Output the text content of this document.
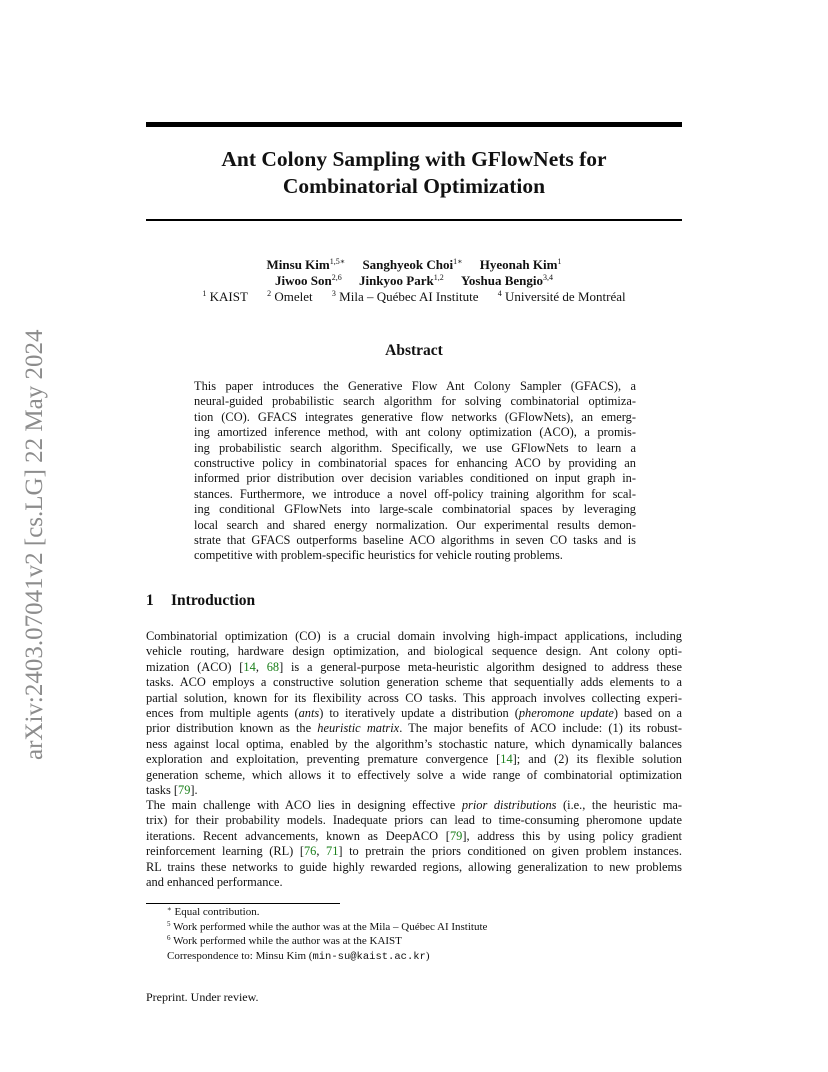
arXiv:2403.07041v2 [cs.LG] 22 May 2024
Ant Colony Sampling with GFlowNets for
Combinatorial Optimization
Minsu Kim$^{1,5∗}$ Sanghyeok Choi$^{1∗}$ Hyeonah Kim$^1$
Jiwoo Son$^{2,6}$ Jinkyoo Park$^{1,2}$ Yoshua Bengio$^{3,4}$
$^1$ KAIST $^2$ Omelet $^3$ Mila – Québec AI Institute $^4$ Université de Montréal
Abstract
This paper introduces the Generative Flow Ant Colony Sampler (GFACS), a
neural-guided probabilistic search algorithm for solving combinatorial optimiza-
tion (CO). GFACS integrates generative flow networks (GFlowNets), an emerg-
ing amortized inference method, with ant colony optimization (ACO), a promis-
ing probabilistic search algorithm. Specifically, we use GFlowNets to learn a
constructive policy in combinatorial spaces for enhancing ACO by providing an
informed prior distribution over decision variables conditioned on input graph in-
stances. Furthermore, we introduce a novel off-policy training algorithm for scal-
ing conditional GFlowNets into large-scale combinatorial spaces by leveraging
local search and shared energy normalization. Our experimental results demon-
strate that GFACS outperforms baseline ACO algorithms in seven CO tasks and is
competitive with problem-specific heuristics for vehicle routing problems.
1 Introduction
Combinatorial optimization (CO) is a crucial domain involving high-impact applications, including
vehicle routing, hardware design optimization, and biological sequence design. Ant colony opti-
mization (ACO) [14, 68] is a general-purpose meta-heuristic algorithm designed to address these
tasks. ACO employs a constructive solution generation scheme that sequentially adds elements to a
partial solution, known for its flexibility across CO tasks. This approach involves collecting experi-
ences from multiple agents (ants) to iteratively update a distribution (pheromone update) based on a
prior distribution known as the heuristic matrix. The major benefits of ACO include: (1) its robust-
ness against local optima, enabled by the algorithm’s stochastic nature, which dynamically balances
exploration and exploitation, preventing premature convergence [14]; and (2) its flexible solution
generation scheme, which allows it to effectively solve a wide range of combinatorial optimization
tasks [79].
The main challenge with ACO lies in designing effective prior distributions (i.e., the heuristic ma-
trix) for their probability models. Inadequate priors can lead to time-consuming pheromone update
iterations. Recent advancements, known as DeepACO [79], address this by using policy gradient
reinforcement learning (RL) [76, 71] to pretrain the priors conditioned on given problem instances.
RL trains these networks to guide highly rewarded regions, allowing generalization to new problems
and enhanced performance.
∗ Equal contribution.
$^5$ Work performed while the author was at the Mila – Québec AI Institute
$^6$ Work performed while the author was at the KAIST
Correspondence to: Minsu Kim (min-su@kaist.ac.kr)
Preprint. Under review.
